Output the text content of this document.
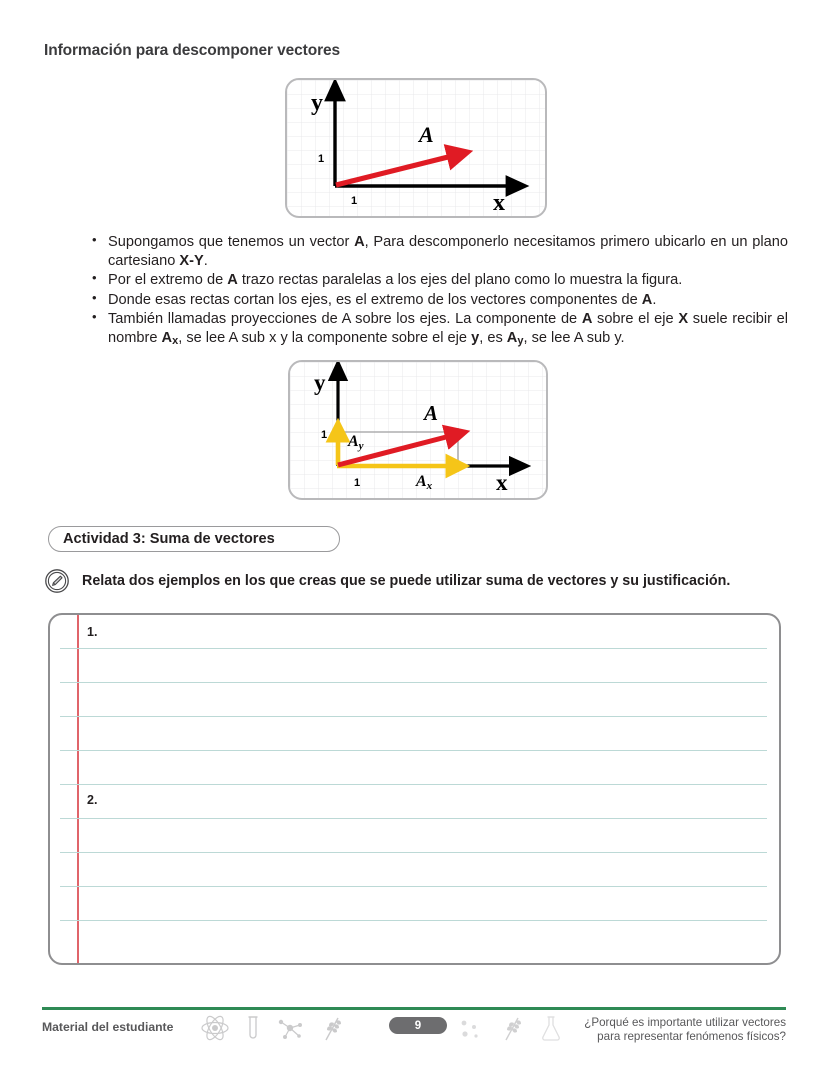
Información para descomponer vectores
1
1
y
x
A
• Supongamos que tenemos un vector A, Para descomponerlo necesitamos primero ubicarlo en un plano cartesiano X-Y.
• Por el extremo de A trazo rectas paralelas a los ejes del plano como lo muestra la figura.
• Donde esas rectas cortan los ejes, es el extremo de los vectores componentes de A.
• También llamadas proyecciones de A sobre los ejes. La componente de A sobre el eje X suele recibir el nombre Ax, se lee A sub x y la componente sobre el eje y, es Ay, se lee A sub y.
1
1
y
x
A
Ay
Ax
Actividad 3: Suma de vectores
Relata dos ejemplos en los que creas que se puede utilizar suma de vectores y su justificación.
1.
2.
Material del estudiante	9	¿Porqué es importante utilizar vectores
para representar fenómenos físicos?
